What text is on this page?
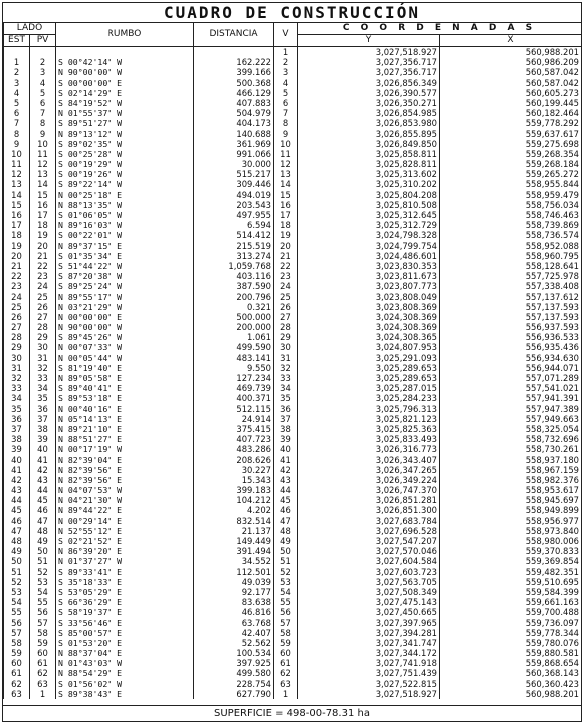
CUADRO DE CONSTRUCCIÓN
LADO		RUMBO	DISTANCIA	V	C O O R D E N A D A S	
EST	PV				Y	X
				1	3,027,518.927	560,988.201
1	2	S 00°42'14" W	162.222	2	3,027,356.717	560,986.209
2	3	N 90°00'00" W	399.166	3	3,027,356.717	560,587.042
3	4	S 00°00'00" E	500.368	4	3,026,856.349	560,587.042
4	5	S 02°14'29" E	466.129	5	3,026,390.577	560,605.273
5	6	S 84°19'52" W	407.883	6	3,026,350.271	560,199.445
6	7	N 01°55'37" W	504.979	7	3,026,854.985	560,182.464
7	8	S 89°51'27" W	404.173	8	3,026,853.980	559,778.292
8	9	N 89°13'12" W	140.688	9	3,026,855.895	559,637.617
9	10	S 89°02'35" W	361.969	10	3,026,849.850	559,275.698
10	11	S 00°25'28" W	991.066	11	3,025,858.811	559,268.354
11	12	S 00°19'29" W	30.000	12	3,025,828.811	559,268.184
12	13	S 00°19'26" W	515.217	13	3,025,313.602	559,265.272
13	14	S 89°22'14" W	309.446	14	3,025,310.202	558,955.844
14	15	N 00°25'18" E	494.019	15	3,025,804.208	558,959.479
15	16	N 88°13'35" W	203.543	16	3,025,810.508	558,756.034
16	17	S 01°06'05" W	497.955	17	3,025,312.645	558,746.463
17	18	N 89°16'03" W	6.594	18	3,025,312.729	558,739.869
18	19	S 00°22'01" W	514.412	19	3,024,798.328	558,736.574
19	20	N 89°37'15" E	215.519	20	3,024,799.754	558,952.088
20	21	S 01°35'34" E	313.274	21	3,024,486.601	558,960.795
21	22	S 51°44'22" W	1,059.768	22	3,023,830.353	558,128.641
22	23	S 87°20'38" W	403.116	23	3,023,811.673	557,725.978
23	24	S 89°25'24" W	387.590	24	3,023,807.773	557,338.408
24	25	N 89°55'17" W	200.796	25	3,023,808.049	557,137.612
25	26	N 03°21'29" W	0.321	26	3,023,808.369	557,137.593
26	27	N 00°00'00" E	500.000	27	3,024,308.369	557,137.593
27	28	N 90°00'00" W	200.000	28	3,024,308.369	556,937.593
28	29	S 89°45'26" W	1.061	29	3,024,308.365	556,936.533
29	30	N 00°07'33" W	499.590	30	3,024,807.953	556,935.436
30	31	N 00°05'44" W	483.141	31	3,025,291.093	556,934.630
31	32	S 81°19'40" E	9.550	32	3,025,289.653	556,944.071
32	33	N 89°05'58" E	127.234	33	3,025,289.653	557,071.289
33	34	S 89°40'41" E	469.739	34	3,025,287.015	557,541.021
34	35	S 89°53'18" E	400.371	35	3,025,284.233	557,941.391
35	36	N 00°40'16" E	512.115	36	3,025,796.313	557,947.389
36	37	N 05°14'13" E	24.914	37	3,025,821.123	557,949.663
37	38	N 89°21'10" E	375.415	38	3,025,825.363	558,325.054
38	39	N 88°51'27" E	407.723	39	3,025,833.493	558,732.696
39	40	N 00°17'19" W	483.286	40	3,026,316.773	558,730.261
40	41	N 82°39'04" E	208.626	41	3,026,343.407	558,937.180
41	42	N 82°39'56" E	30.227	42	3,026,347.265	558,967.159
42	43	N 82°39'56" E	15.343	43	3,026,349.224	558,982.376
43	44	N 04°07'53" W	399.183	44	3,026,747.370	558,953.617
44	45	N 04°21'30" W	104.212	45	3,026,851.281	558,945.697
45	46	N 89°44'22" E	4.202	46	3,026,851.300	558,949.899
46	47	N 00°29'14" E	832.514	47	3,027,683.784	558,956.977
47	48	N 52°55'12" E	21.137	48	3,027,696.528	558,973.840
48	49	S 02°21'52" E	149.449	49	3,027,547.207	558,980.006
49	50	N 86°39'20" E	391.494	50	3,027,570.046	559,370.833
50	51	N 01°37'27" W	34.552	51	3,027,604.584	559,369.854
51	52	S 89°33'41" E	112.501	52	3,027,603.723	559,482.351
52	53	S 35°18'33" E	49.039	53	3,027,563.705	559,510.695
53	54	S 53°05'29" E	92.177	54	3,027,508.349	559,584.399
54	55	S 66°36'29" E	83.638	55	3,027,475.143	559,661.163
55	56	S 58°19'37" E	46.816	56	3,027,450.665	559,700.488
56	57	S 33°56'46" E	63.768	57	3,027,397.965	559,736.097
57	58	S 85°00'57" E	42.407	58	3,027,394.281	559,778.344
58	59	S 01°53'20" E	52.562	59	3,027,341.747	559,780.076
59	60	N 88°37'04" E	100.534	60	3,027,344.172	559,880.581
60	61	N 01°43'03" W	397.925	61	3,027,741.918	559,868.654
61	62	N 88°54'29" E	499.580	62	3,027,751.439	560,368.143
62	63	S 01°56'02" W	228.754	63	3,027,522.815	560,360.423
63	1	S 89°38'43" E	627.790	1	3,027,518.927	560,988.201
SUPERFICIE = 498-00-78.31 ha
